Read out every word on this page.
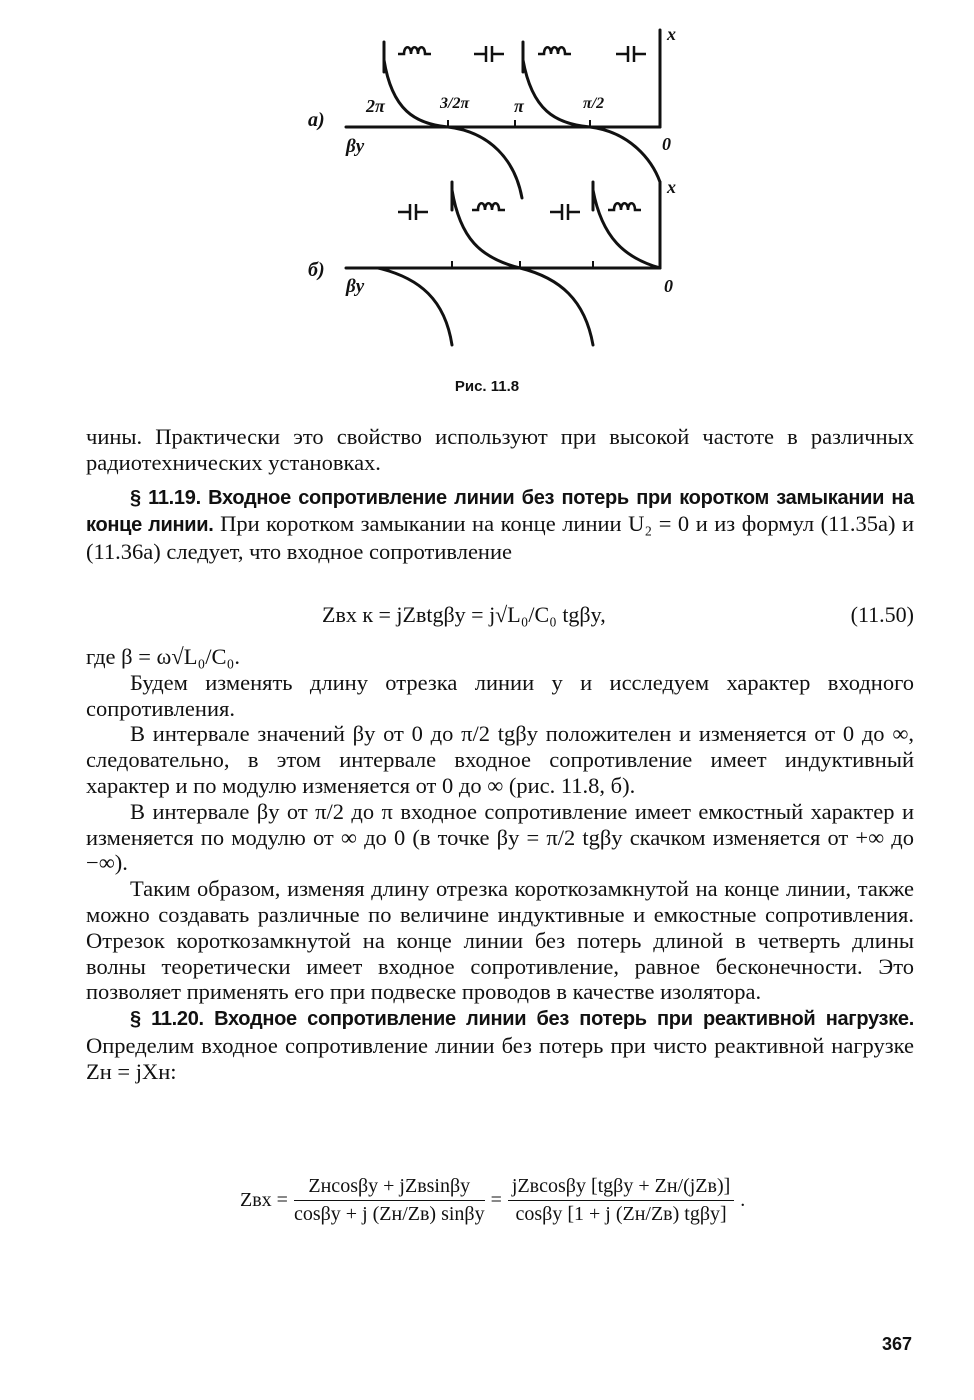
а)
βy	0
x
2π	3/2π π	π/2
б)
βy	0
x
Рис. 11.8

чины. Практически это свойство используют при высокой частоте в различных радиотехнических установках.

§ 11.19. Входное сопротивление линии без потерь при коротком замыкании на конце линии. При коротком замыкании на конце линии U₂ = 0 и из формул (11.35а) и (11.36а) следует, что входное сопротивление

Zвх к = jZвtgβy = j√L₀/C₀ tgβy,	(11.50)

где β = ω√L₀/C₀.

Будем изменять длину отрезка линии y и исследуем характер входного сопротивления.

В интервале значений βy от 0 до π/2 tgβy положителен и изменяется от 0 до ∞, следовательно, в этом интервале входное сопротивление имеет индуктивный характер и по модулю изменяется от 0 до ∞ (рис. 11.8, б).

В интервале βy от π/2 до π входное сопротивление имеет емкостный характер и изменяется по модулю от ∞ до 0 (в точке βy = π/2 tgβy скачком изменяется от +∞ до −∞).

Таким образом, изменяя длину отрезка короткозамкнутой на конце линии, также можно создавать различные по величине индуктивные и емкостные сопротивления. Отрезок короткозамкнутой на конце линии без потерь длиной в четверть длины волны теоретически имеет входное сопротивление, равное бесконечности. Это позволяет применять его при подвеске проводов в качестве изолятора.

§ 11.20. Входное сопротивление линии без потерь при реактивной нагрузке. Определим входное сопротивление линии без потерь при чисто реактивной нагрузке Zн = jXн:

Zвх = $\frac{\text{Zнcosβy + jZвsinβy}}{\cos\beta y + j (Zн/Zв) \sin\beta y} = \frac{\text{jZвcosβy [tgβy + Zн/(jZв)]}}{\text{cosβy [1 + j (Zн/Zв) tgβy]}}$ .
367
